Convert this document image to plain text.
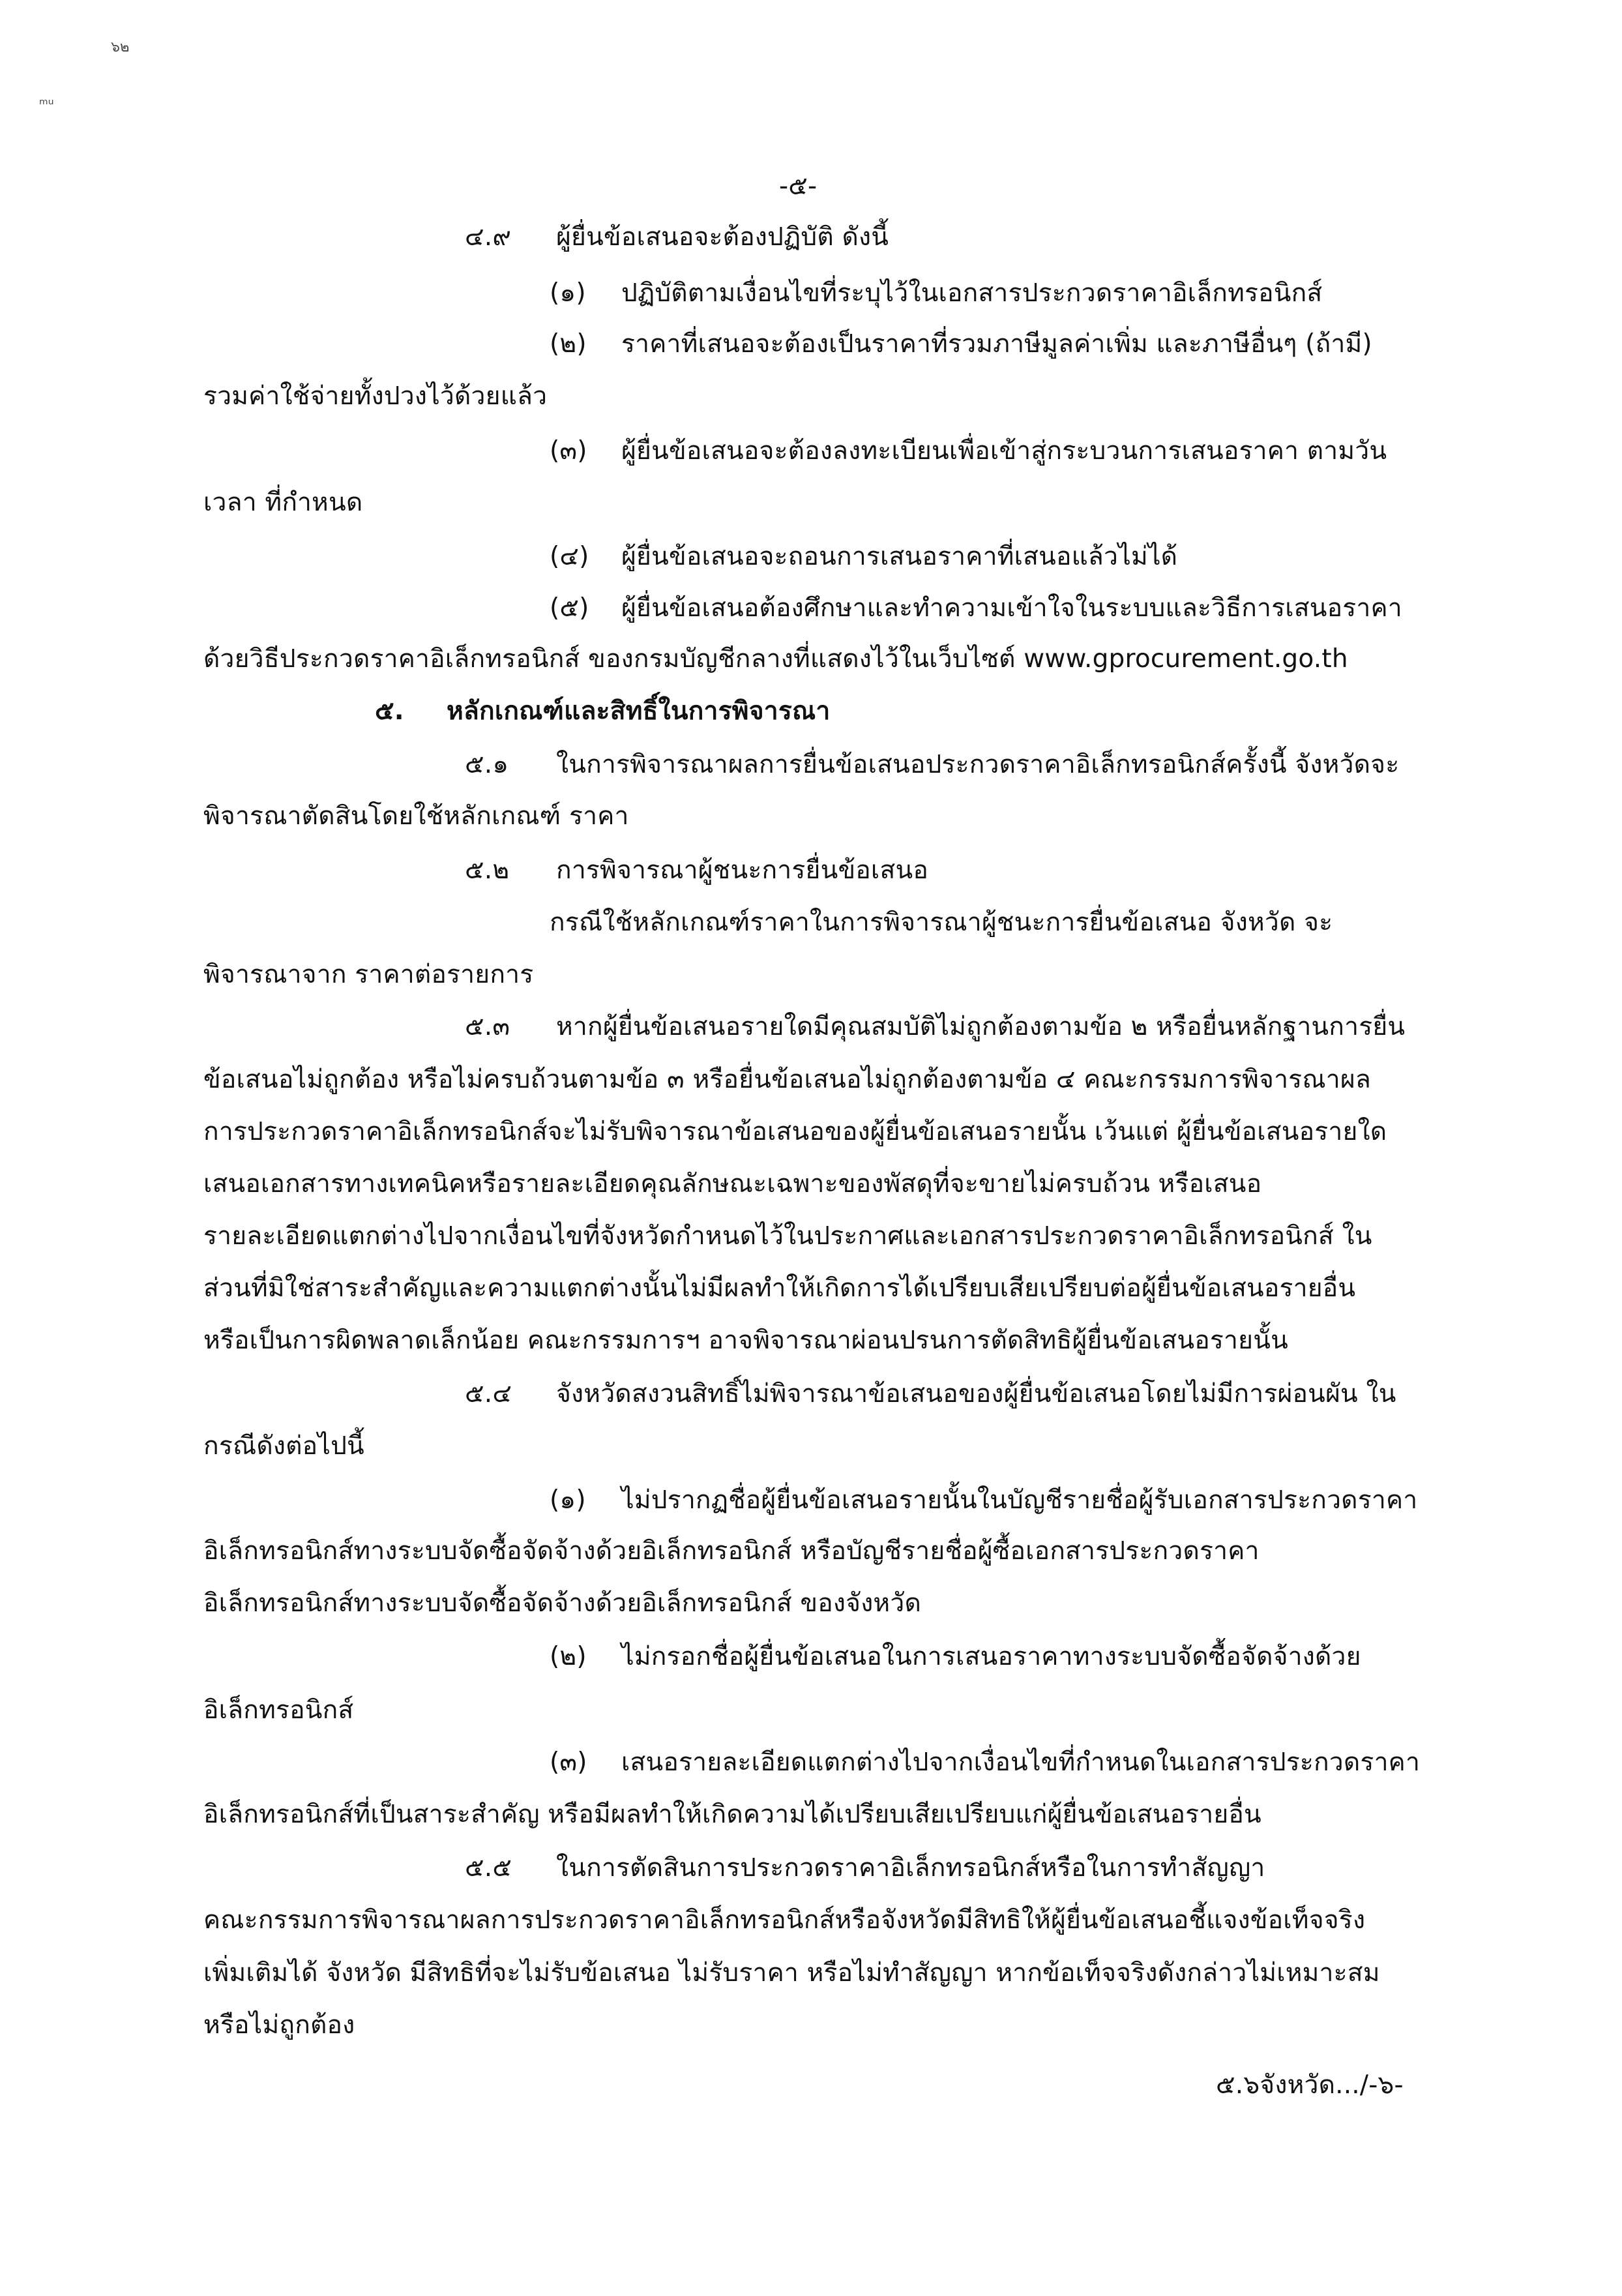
๖๒
ᵐᵘ
-๕-
๔.๙ ผู้ยื่นข้อเสนอจะต้องปฏิบัติ ดังนี้
(๑) ปฏิบัติตามเงื่อนไขที่ระบุไว้ในเอกสารประกวดราคาอิเล็กทรอนิกส์
(๒) ราคาที่เสนอจะต้องเป็นราคาที่รวมภาษีมูลค่าเพิ่ม และภาษีอื่นๆ (ถ้ามี)
รวมค่าใช้จ่ายทั้งปวงไว้ด้วยแล้ว
(๓) ผู้ยื่นข้อเสนอจะต้องลงทะเบียนเพื่อเข้าสู่กระบวนการเสนอราคา ตามวัน
เวลา ที่กำหนด
(๔) ผู้ยื่นข้อเสนอจะถอนการเสนอราคาที่เสนอแล้วไม่ได้
(๕) ผู้ยื่นข้อเสนอต้องศึกษาและทำความเข้าใจในระบบและวิธีการเสนอราคา
ด้วยวิธีประกวดราคาอิเล็กทรอนิกส์ ของกรมบัญชีกลางที่แสดงไว้ในเว็บไซต์ www.gprocurement.go.th
๕. หลักเกณฑ์และสิทธิ์ในการพิจารณา
๕.๑ ในการพิจารณาผลการยื่นข้อเสนอประกวดราคาอิเล็กทรอนิกส์ครั้งนี้ จังหวัดจะ
พิจารณาตัดสินโดยใช้หลักเกณฑ์ ราคา
๕.๒ การพิจารณาผู้ชนะการยื่นข้อเสนอ
กรณีใช้หลักเกณฑ์ราคาในการพิจารณาผู้ชนะการยื่นข้อเสนอ จังหวัด จะ
พิจารณาจาก ราคาต่อรายการ
๕.๓ หากผู้ยื่นข้อเสนอรายใดมีคุณสมบัติไม่ถูกต้องตามข้อ ๒ หรือยื่นหลักฐานการยื่น
ข้อเสนอไม่ถูกต้อง หรือไม่ครบถ้วนตามข้อ ๓ หรือยื่นข้อเสนอไม่ถูกต้องตามข้อ ๔ คณะกรรมการพิจารณาผล
การประกวดราคาอิเล็กทรอนิกส์จะไม่รับพิจารณาข้อเสนอของผู้ยื่นข้อเสนอรายนั้น เว้นแต่ ผู้ยื่นข้อเสนอรายใด
เสนอเอกสารทางเทคนิคหรือรายละเอียดคุณลักษณะเฉพาะของพัสดุที่จะขายไม่ครบถ้วน หรือเสนอ
รายละเอียดแตกต่างไปจากเงื่อนไขที่จังหวัดกำหนดไว้ในประกาศและเอกสารประกวดราคาอิเล็กทรอนิกส์ ใน
ส่วนที่มิใช่สาระสำคัญและความแตกต่างนั้นไม่มีผลทำให้เกิดการได้เปรียบเสียเปรียบต่อผู้ยื่นข้อเสนอรายอื่น
หรือเป็นการผิดพลาดเล็กน้อย คณะกรรมการฯ อาจพิจารณาผ่อนปรนการตัดสิทธิผู้ยื่นข้อเสนอรายนั้น
๕.๔ จังหวัดสงวนสิทธิ์ไม่พิจารณาข้อเสนอของผู้ยื่นข้อเสนอโดยไม่มีการผ่อนผัน ใน
กรณีดังต่อไปนี้
(๑) ไม่ปรากฏชื่อผู้ยื่นข้อเสนอรายนั้นในบัญชีรายชื่อผู้รับเอกสารประกวดราคา
อิเล็กทรอนิกส์ทางระบบจัดซื้อจัดจ้างด้วยอิเล็กทรอนิกส์ หรือบัญชีรายชื่อผู้ซื้อเอกสารประกวดราคา
อิเล็กทรอนิกส์ทางระบบจัดซื้อจัดจ้างด้วยอิเล็กทรอนิกส์ ของจังหวัด
(๒) ไม่กรอกชื่อผู้ยื่นข้อเสนอในการเสนอราคาทางระบบจัดซื้อจัดจ้างด้วย
อิเล็กทรอนิกส์
(๓) เสนอรายละเอียดแตกต่างไปจากเงื่อนไขที่กำหนดในเอกสารประกวดราคา
อิเล็กทรอนิกส์ที่เป็นสาระสำคัญ หรือมีผลทำให้เกิดความได้เปรียบเสียเปรียบแก่ผู้ยื่นข้อเสนอรายอื่น
๕.๕ ในการตัดสินการประกวดราคาอิเล็กทรอนิกส์หรือในการทำสัญญา
คณะกรรมการพิจารณาผลการประกวดราคาอิเล็กทรอนิกส์หรือจังหวัดมีสิทธิให้ผู้ยื่นข้อเสนอชี้แจงข้อเท็จจริง
เพิ่มเติมได้ จังหวัด มีสิทธิที่จะไม่รับข้อเสนอ ไม่รับราคา หรือไม่ทำสัญญา หากข้อเท็จจริงดังกล่าวไม่เหมาะสม
หรือไม่ถูกต้อง
๕.๖จังหวัด.../-๖-
